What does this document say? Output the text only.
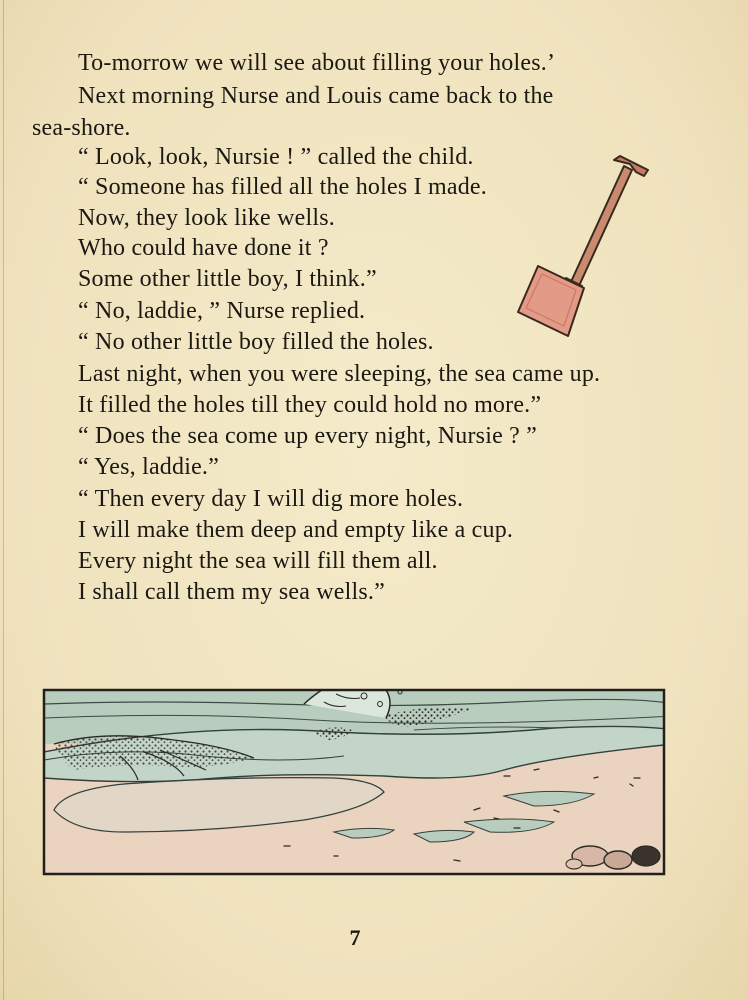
To-morrow we will see about filling your holes.’
Next morning Nurse and Louis came back to the
sea-shore.
“ Look, look, Nursie ! ” called the child.
“ Someone has filled all the holes I made.
Now, they look like wells.
Who could have done it ?
Some other little boy, I think.”
“ No, laddie, ” Nurse replied.
“ No other little boy filled the holes.
Last night, when you were sleeping, the sea came up.
It filled the holes till they could hold no more.”
“ Does the sea come up every night, Nursie ? ”
“ Yes, laddie.”
“ Then every day I will dig more holes.
I will make them deep and empty like a cup.
Every night the sea will fill them all.
I shall call them my sea wells.”
7
